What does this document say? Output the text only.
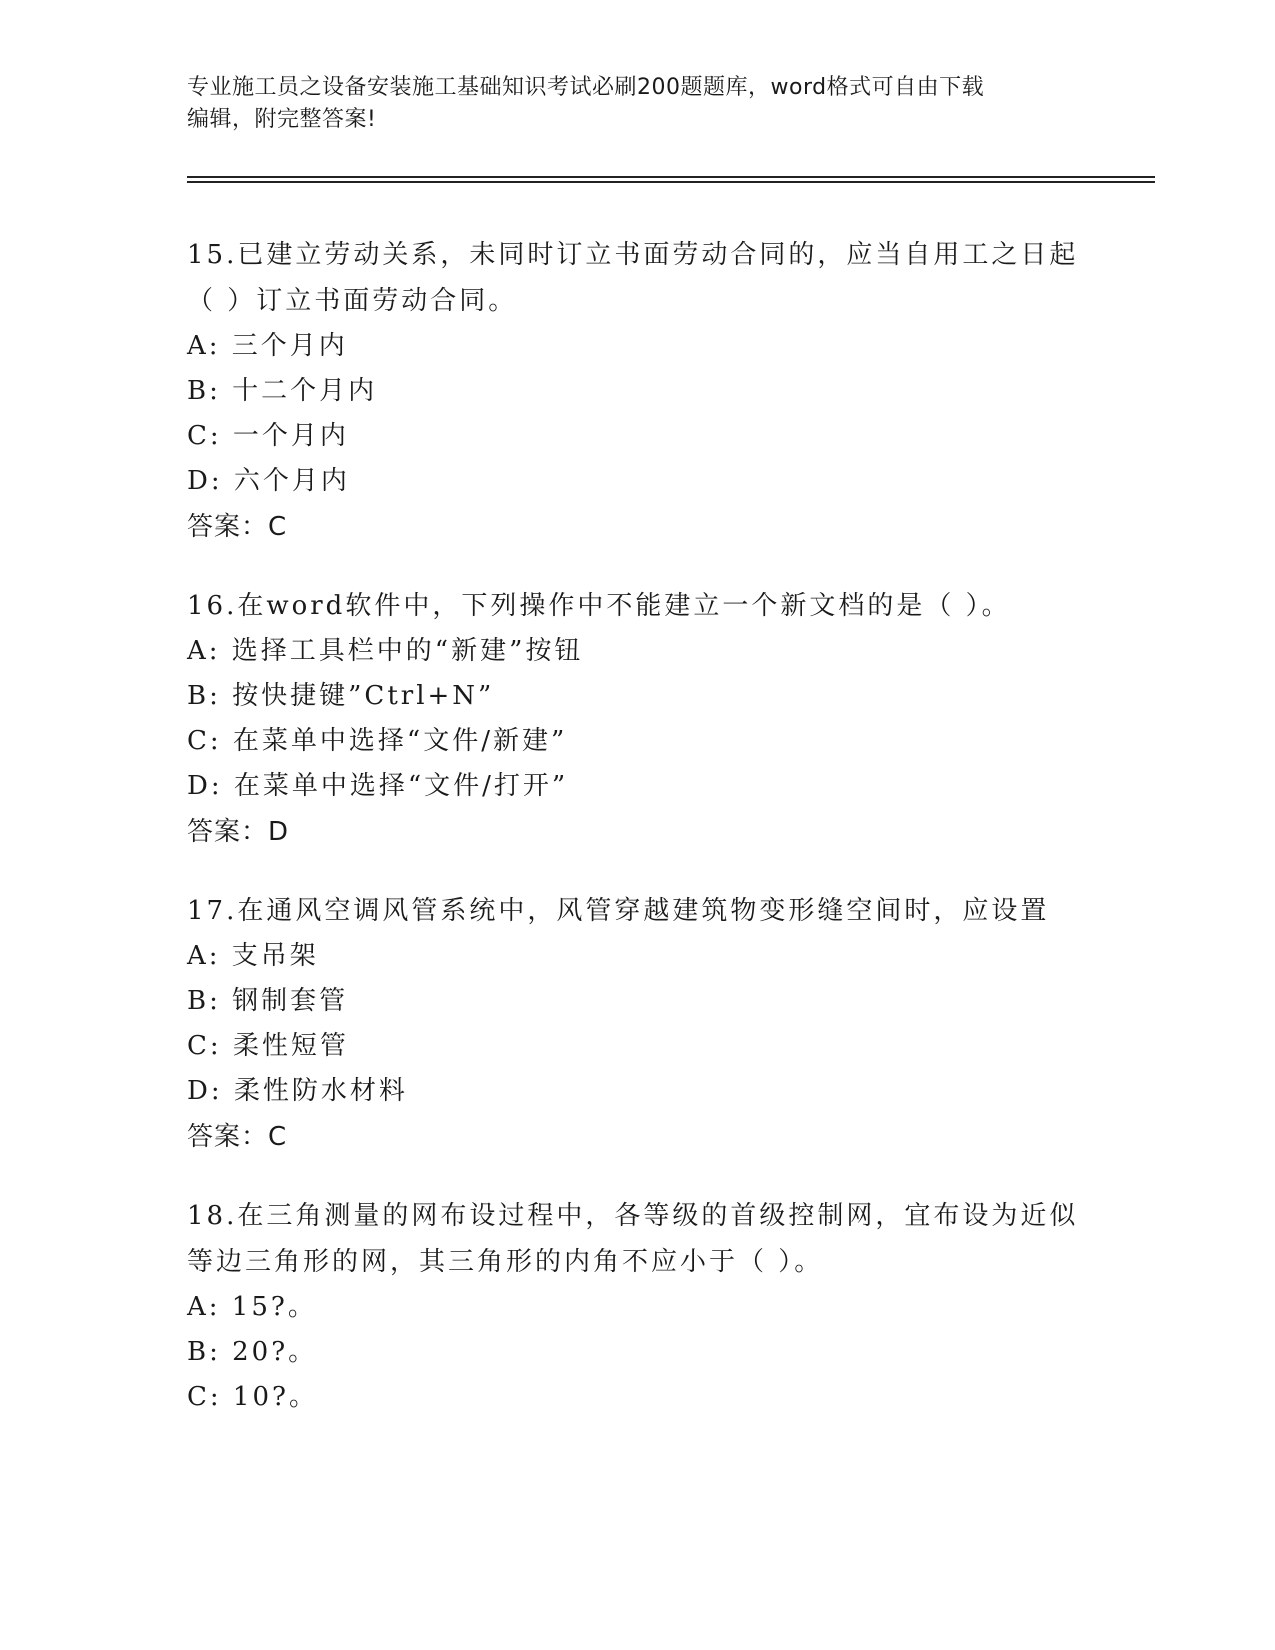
专业施工员之设备安装施工基础知识考试必刷200题题库，word格式可自由下载
编辑，附完整答案!

15.已建立劳动关系，未同时订立书面劳动合同的，应当自用工之日起

（ ）订立书面劳动合同。

A: 三个月内

B: 十二个月内

C: 一个月内

D: 六个月内

答案：C

16.在word软件中，下列操作中不能建立一个新文档的是（ ）。

A: 选择工具栏中的“新建”按钮

B: 按快捷键”Ctrl+N”

C: 在菜单中选择“文件/新建”

D: 在菜单中选择“文件/打开”

答案：D

17.在通风空调风管系统中，风管穿越建筑物变形缝空间时，应设置

A: 支吊架

B: 钢制套管

C: 柔性短管

D: 柔性防水材料

答案：C

18.在三角测量的网布设过程中，各等级的首级控制网，宜布设为近似

等边三角形的网，其三角形的内角不应小于（ ）。

A: 15?。

B: 20?。

C: 10?。
